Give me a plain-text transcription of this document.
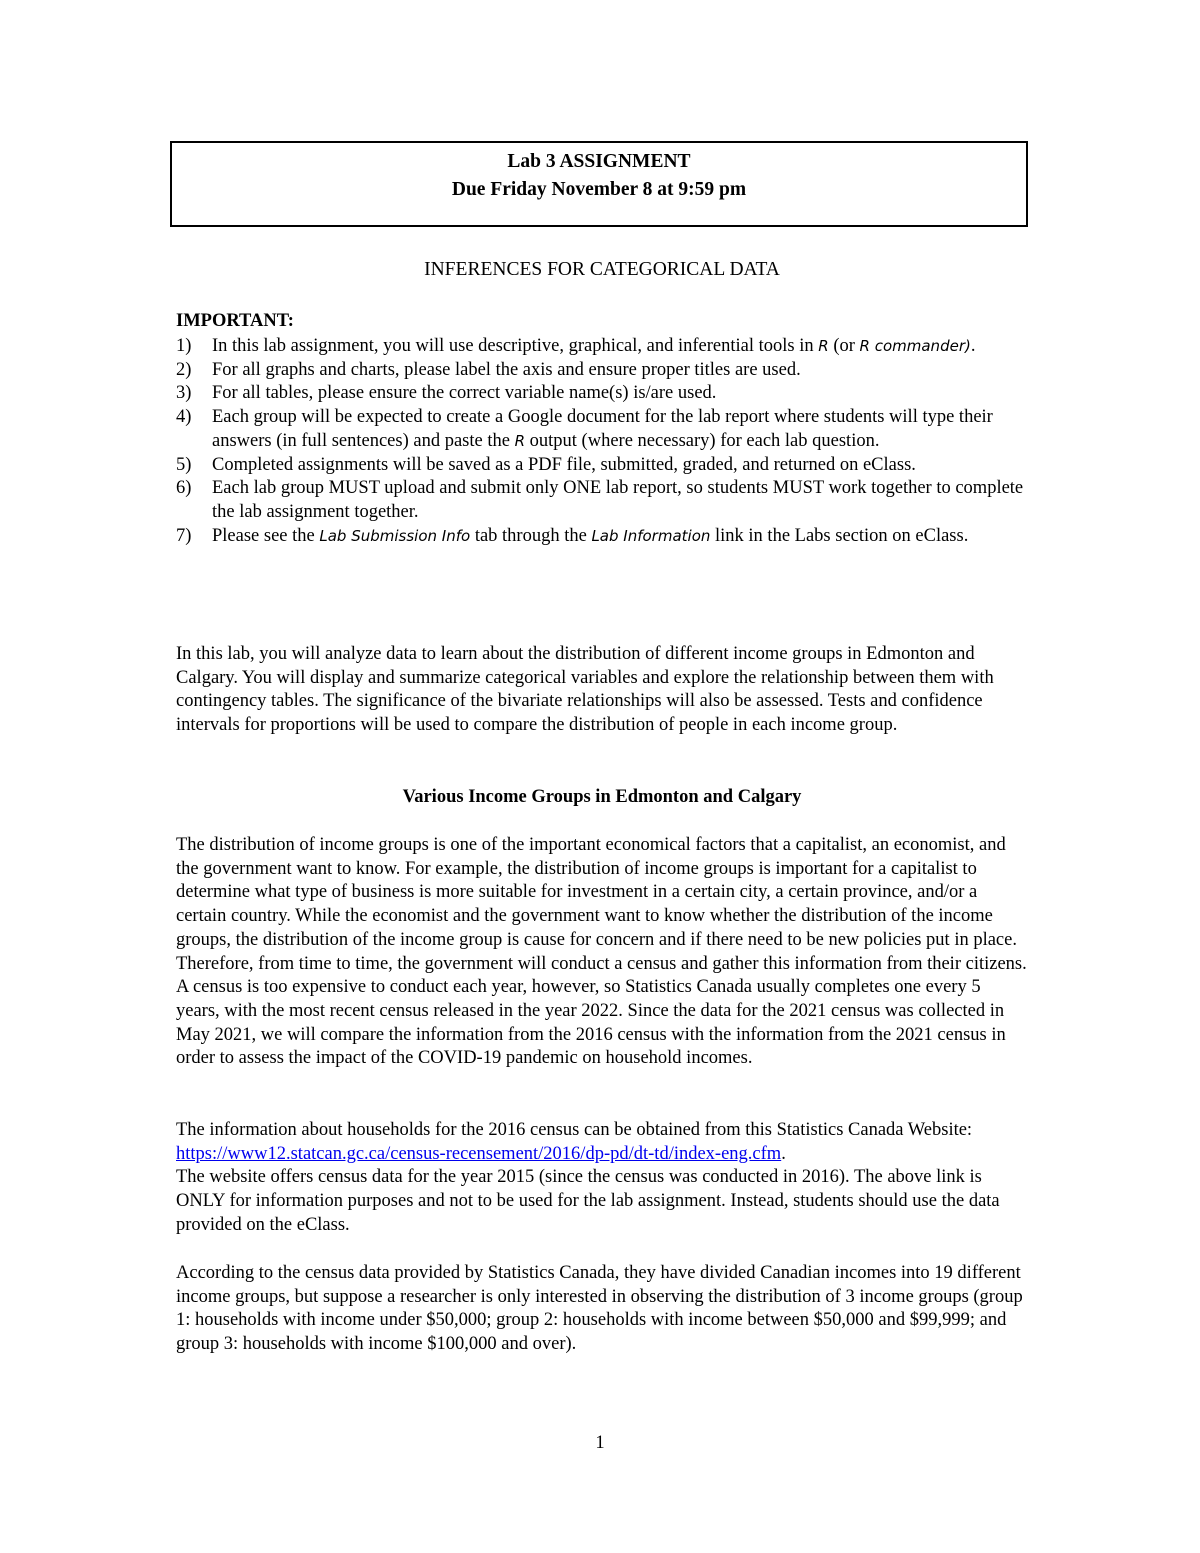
Lab 3 ASSIGNMENT
Due Friday November 8 at 9:59 pm
INFERENCES FOR CATEGORICAL DATA
IMPORTANT:
1) In this lab assignment, you will use descriptive, graphical, and inferential tools in R (or R commander).
2) For all graphs and charts, please label the axis and ensure proper titles are used.
3) For all tables, please ensure the correct variable name(s) is/are used.
4) Each group will be expected to create a Google document for the lab report where students will type their answers (in full sentences) and paste the R output (where necessary) for each lab question.
5) Completed assignments will be saved as a PDF file, submitted, graded, and returned on eClass.
6) Each lab group MUST upload and submit only ONE lab report, so students MUST work together to complete the lab assignment together.
7) Please see the Lab Submission Info tab through the Lab Information link in the Labs section on eClass.

In this lab, you will analyze data to learn about the distribution of different income groups in Edmonton and Calgary. You will display and summarize categorical variables and explore the relationship between them with contingency tables. The significance of the bivariate relationships will also be assessed. Tests and confidence intervals for proportions will be used to compare the distribution of people in each income group.

Various Income Groups in Edmonton and Calgary

The distribution of income groups is one of the important economical factors that a capitalist, an economist, and the government want to know. For example, the distribution of income groups is important for a capitalist to determine what type of business is more suitable for investment in a certain city, a certain province, and/or a certain country. While the economist and the government want to know whether the distribution of the income groups, the distribution of the income group is cause for concern and if there need to be new policies put in place. Therefore, from time to time, the government will conduct a census and gather this information from their citizens. A census is too expensive to conduct each year, however, so Statistics Canada usually completes one every 5 years, with the most recent census released in the year 2022. Since the data for the 2021 census was collected in May 2021, we will compare the information from the 2016 census with the information from the 2021 census in order to assess the impact of the COVID-19 pandemic on household incomes.

The information about households for the 2016 census can be obtained from this Statistics Canada Website: https://www12.statcan.gc.ca/census-recensement/2016/dp-pd/dt-td/index-eng.cfm.
The website offers census data for the year 2015 (since the census was conducted in 2016). The above link is ONLY for information purposes and not to be used for the lab assignment. Instead, students should use the data provided on the eClass.

According to the census data provided by Statistics Canada, they have divided Canadian incomes into 19 different income groups, but suppose a researcher is only interested in observing the distribution of 3 income groups (group 1: households with income under $50,000; group 2: households with income between $50,000 and $99,999; and group 3: households with income $100,000 and over).

1
